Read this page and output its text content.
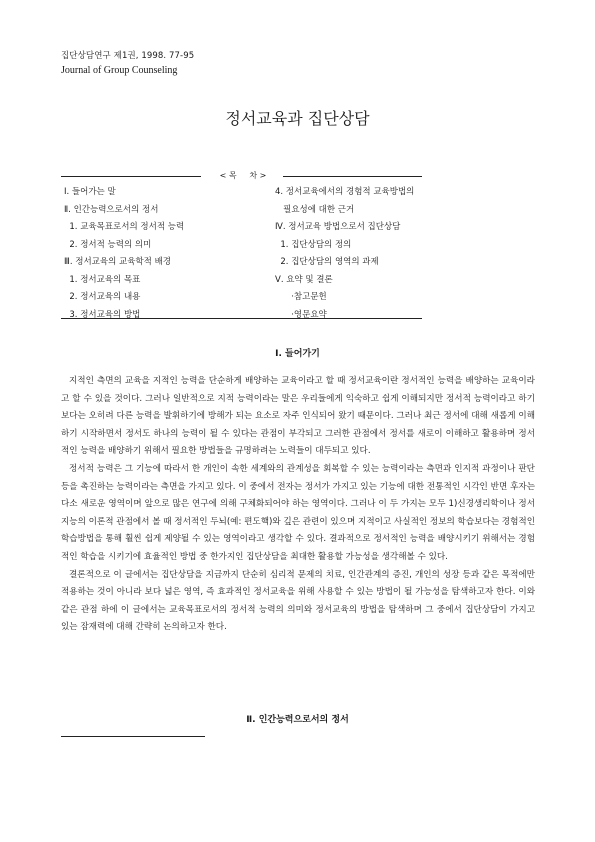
집단상담연구 제1권, 1998. 77-95
Journal of Group Counseling
정서교육과 집단상담
< 목     차 >
Ⅰ. 들어가는 말
Ⅱ. 인간능력으로서의 정서
1. 교육목표로서의 정서적 능력
2. 정서적 능력의 의미
Ⅲ. 정서교육의 교육학적 배경
1. 정서교육의 목표
2. 정서교육의 내용
3. 정서교육의 방법
4. 정서교육에서의 경험적 교육방법의
필요성에 대한 근거
Ⅳ. 정서교육 방법으로서 집단상담
1. 집단상담의 정의
2. 집단상담의 영역의 과제
Ⅴ. 요약 및 결론
·참고문헌
·영문요약
Ⅰ. 들어가기

지적인 측면의 교육을 지적인 능력을 단순하게 배양하는 교육이라고 할 때 정서교육이란 정서적인 능력을 배양하는 교육이라고 할 수 있을 것이다. 그러나 일반적으로 지적 능력이라는 말은 우리들에게 익숙하고 쉽게 이해되지만 정서적 능력이라고 하기보다는 오히려 다른 능력을 발휘하기에 방해가 되는 요소로 자주 인식되어 왔기 때문이다. 그러나 최근 정서에 대해 새롭게 이해하기 시작하면서 정서도 하나의 능력이 될 수 있다는 관점이 부각되고 그러한 관점에서 정서를 새로이 이해하고 활용하며 정서적인 능력을 배양하기 위해서 필요한 방법들을 규명하려는 노력들이 대두되고 있다.

정서적 능력은 그 기능에 따라서 한 개인이 속한 세계와의 관계성을 회복할 수 있는 능력이라는 측면과 인지적 과정이나 판단 등을 촉진하는 능력이라는 측면을 가지고 있다. 이 중에서 전자는 정서가 가지고 있는 기능에 대한 전통적인 시각인 반면 후자는 다소 새로운 영역이며 앞으로 많은 연구에 의해 구체화되어야 하는 영역이다. 그러나 이 두 가지는 모두 1)신경생리학이나 정서 지능의 이론적 관점에서 볼 때 정서적인 두뇌(예: 편도핵)와 깊은 관련이 있으며 지적이고 사실적인 정보의 학습보다는 경험적인 학습방법을 통해 훨씬 쉽게 제양될 수 있는 영역이라고 생각할 수 있다. 결과적으로 정서적인 능력을 배양시키기 위해서는 경험적인 학습을 시키기에 효율적인 방법 중 한가지인 집단상담을 최대한 활용할 가능성을 생각해볼 수 있다.

결론적으로 이 글에서는 집단상담을 지금까지 단순히 심리적 문제의 치료, 인간관계의 증진, 개인의 성장 등과 같은 목적에만 적용하는 것이 아니라 보다 넓은 영역, 즉 효과적인 정서교육을 위해 사용할 수 있는 방법이 될 가능성을 탐색하고자 한다. 이와 같은 관점 하에 이 글에서는 교육목표로서의 정서적 능력의 의미와 정서교육의 방법을 탐색하며 그 중에서 집단상담이 가지고 있는 잠재력에 대해 간략히 논의하고자 한다.

Ⅱ. 인간능력으로서의 정서
